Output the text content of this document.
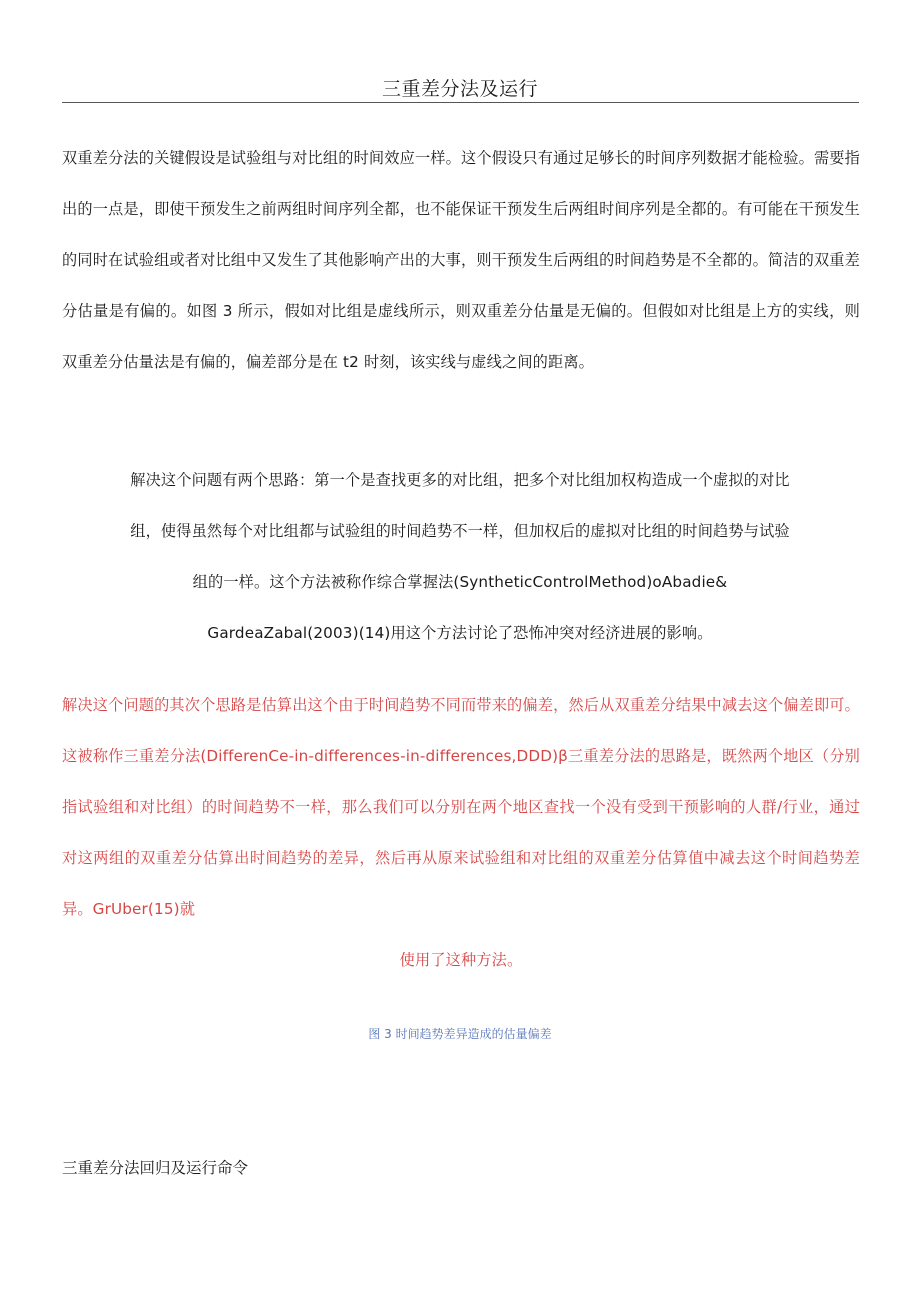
三重差分法及运行

双重差分法的关键假设是试验组与对比组的时间效应一样。这个假设只有通过足够长的时间序列数据才能检验。需要指出的一点是，即使干预发生之前两组时间序列全都，也不能保证干预发生后两组时间序列是全都的。有可能在干预发生的同时在试验组或者对比组中又发生了其他影响产出的大事，则干预发生后两组的时间趋势是不全都的。简洁的双重差分估量是有偏的。如图 3 所示，假如对比组是虚线所示，则双重差分估量是无偏的。但假如对比组是上方的实线，则双重差分估量法是有偏的，偏差部分是在 t2 时刻，该实线与虚线之间的距离。

解决这个问题有两个思路：第一个是查找更多的对比组，把多个对比组加权构造成一个虚拟的对比
组，使得虽然每个对比组都与试验组的时间趋势不一样，但加权后的虚拟对比组的时间趋势与试验
组的一样。这个方法被称作综合掌握法(SyntheticControlMethod)oAbadie&
GardeaZabal(2003)(14)用这个方法讨论了恐怖冲突对经济进展的影响。
解决这个问题的其次个思路是估算出这个由于时间趋势不同而带来的偏差，然后从双重差分结果中减去这个偏差即可。这被称作三重差分法(DifferenCe-in-differences-in-differences,DDD)β三重差分法的思路是，既然两个地区（分别指试验组和对比组）的时间趋势不一样，那么我们可以分别在两个地区查找一个没有受到干预影响的人群/行业，通过对这两组的双重差分估算出时间趋势的差异，然后再从原来试验组和对比组的双重差分估算值中减去这个时间趋势差异。GrUber(15)就
使用了这种方法。
图 3 时间趋势差异造成的估量偏差
三重差分法回归及运行命令
